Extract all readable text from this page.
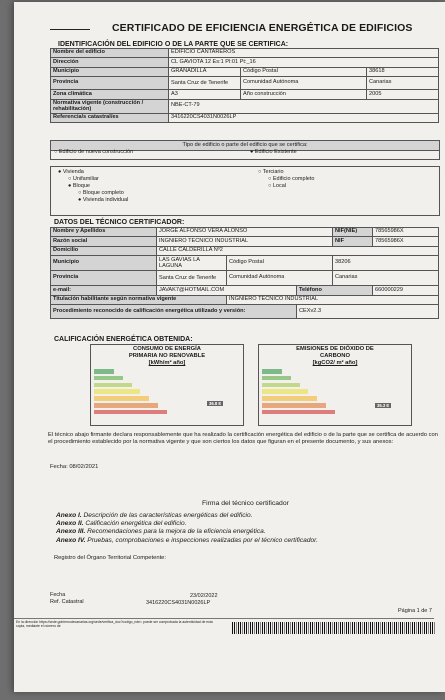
CERTIFICADO DE EFICIENCIA ENERGÉTICA DE EDIFICIOS
IDENTIFICACIÓN DEL EDIFICIO O DE LA PARTE QUE SE CERTIFICA:
Nombre del edificio	EDIFICIO CANTAREROS		
Dirección	CL GAVIOTA 12 Es:1 Pl:01 Pt:_16		
Municipio	GRANADILLA	Código Postal	38618
Provincia	Santa Cruz de Tenerife	Comunidad Autónoma	Canarias
Zona climática	A3	Año construcción	2005
Normativa vigente (construcción / rehabilitación)	NBE-CT-79		
Referencia/s catastral/es	3416220CS4031N0026LP		
Tipo de edificio o parte del edificio que se certifica:
○ Edificio de nueva construcción	● Edificio Existente
● Vivienda
○ Unifamiliar
● Bloque
○ Bloque completo
● Vivienda individual
○ Terciario
○ Edificio completo
○ Local
DATOS DEL TÉCNICO CERTIFICADOR:
Nombre y Apellidos	JORGE ALFONSO VERA ALONSO			NIF(NIE)	78565986X
Razón social	INGNIERO TECNICO INDUSTRIAL			NIF	78565986X
Domicilio	CALLE CALDERILLA Nº2				
Municipio	LAS GAVIAS LA LAGUNA	Código Postal		38206	
Provincia	Santa Cruz de Tenerife	Comunidad Autónoma		Canarias	
e-mail:	JAVAK7@HOTMAIL.COM		Teléfono		660000229
Titulación habilitante según normativa vigente		INGNIERO TECNICO INDUSTRIAL			
Procedimiento reconocido de calificación energética utilizado y versión:			CEXv2.3		
CALIFICACIÓN ENERGÉTICA OBTENIDA:
CONSUMO DE ENERGÍA
PRIMARIA NO RENOVABLE
[kWh/m² año]
36.8 E
EMISIONES DE DIÓXIDO DE
CARBONO
[kgCO2/ m² año]
36.3 E
El técnico abajo firmante declara responsablemente que ha realizado la certificación energética del edificio o de la parte que se certifica de acuerdo con el procedimiento establecido por la normativa vigente y que son ciertos los datos que figuran en el presente documento, y sus anexos:
Fecha: 08/02/2021
Firma del técnico certificador
Anexo I. Descripción de las características energéticas del edificio.
Anexo II. Calificación energética del edificio.
Anexo III. Recomendaciones para la mejora de la eficiencia energética.
Anexo IV. Pruebas, comprobaciones e inspecciones realizadas por el técnico certificador.
Registro del Órgano Territorial Competente:
Fecha
Ref. Catastral
23/02/2022
3416220CS4031N0026LP
Página 1 de 7
En la dirección https://sede.gobiernodecanarias.org/sede/verifica_doc?codigo_nde= puede ser comprobada la autenticidad de esta copia, mediante el número de
